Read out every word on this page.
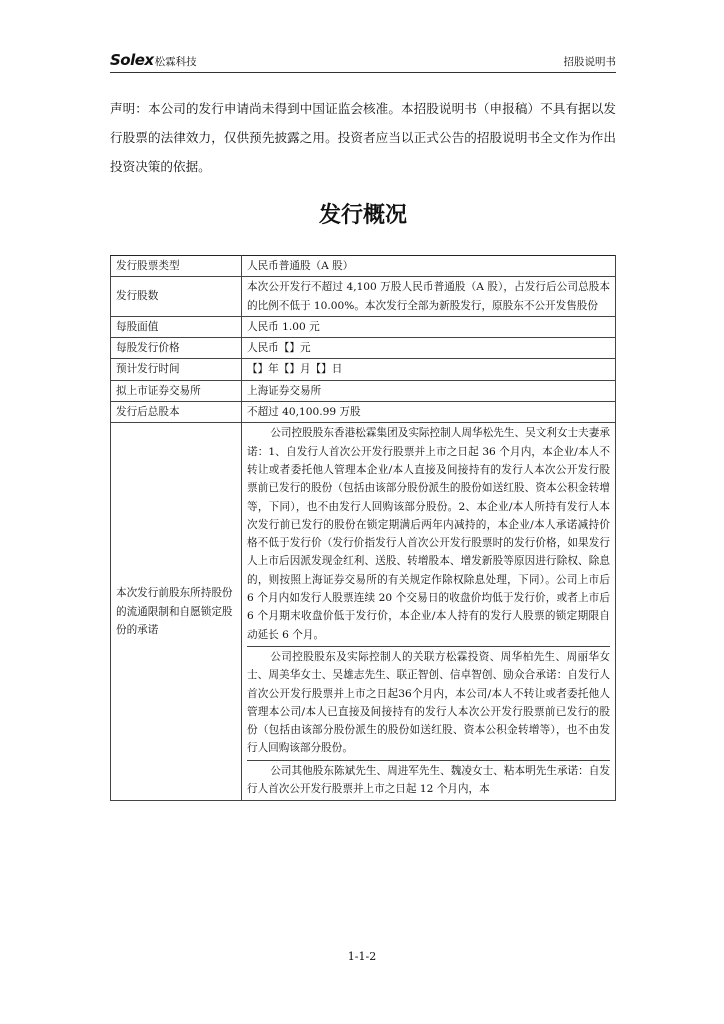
Solex松霖科技	招股说明书

声明：本公司的发行申请尚未得到中国证监会核准。本招股说明书（申报稿）不具有据以发行股票的法律效力，仅供预先披露之用。投资者应当以正式公告的招股说明书全文作为作出投资决策的依据。

发行概况
发行股票类型	人民币普通股（A 股）
发行股数	本次公开发行不超过 4,100 万股人民币普通股（A 股），占发行后公司总股本的比例不低于 10.00%。本次发行全部为新股发行，原股东不公开发售股份
每股面值	人民币 1.00 元
每股发行价格	人民币【】元
预计发行时间	【】年【】月【】日
拟上市证券交易所	上海证券交易所
发行后总股本	不超过 40,100.99 万股
本次发行前股东所持股份的流通限制和自愿锁定股份的承诺	公司控股股东香港松霖集团及实际控制人周华松先生、吴文利女士夫妻承诺：1、自发行人首次公开发行股票并上市之日起 36 个月内，本企业/本人不转让或者委托他人管理本企业/本人直接及间接持有的发行人本次公开发行股票前已发行的股份（包括由该部分股份派生的股份如送红股、资本公积金转增等，下同），也不由发行人回购该部分股份。2、本企业/本人所持有发行人本次发行前已发行的股份在锁定期满后两年内减持的，本企业/本人承诺减持价格不低于发行价（发行价指发行人首次公开发行股票时的发行价格，如果发行人上市后因派发现金红利、送股、转增股本、增发新股等原因进行除权、除息的，则按照上海证券交易所的有关规定作除权除息处理，下同）。公司上市后 6 个月内如发行人股票连续 20 个交易日的收盘价均低于发行价，或者上市后 6 个月期末收盘价低于发行价，本企业/本人持有的发行人股票的锁定期限自动延长 6 个月。

公司控股股东及实际控制人的关联方松霖投资、周华柏先生、周丽华女士、周美华女士、吴雄志先生、联正智创、信卓智创、励众合承诺：自发行人首次公开发行股票并上市之日起36个月内，本公司/本人不转让或者委托他人管理本公司/本人已直接及间接持有的发行人本次公开发行股票前已发行的股份（包括由该部分股份派生的股份如送红股、资本公积金转增等），也不由发行人回购该部分股份。

公司其他股东陈斌先生、周进军先生、魏凌女士、粘本明先生承诺：自发行人首次公开发行股票并上市之日起 12 个月内，本

1-1-2
